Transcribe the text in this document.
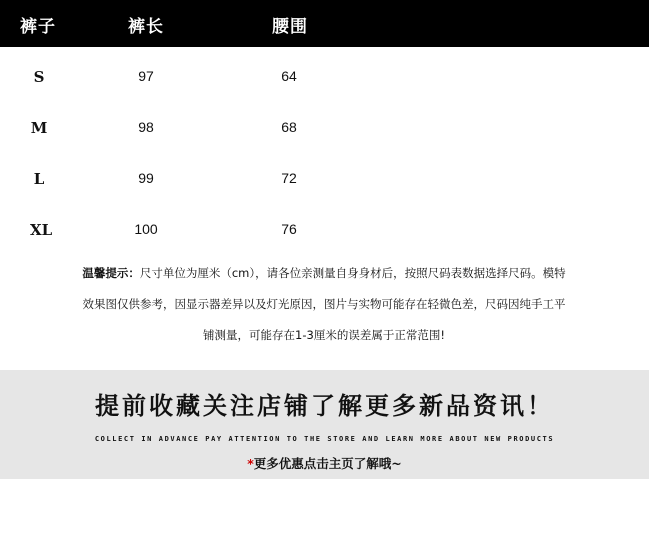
裤子	裤长	腰围
S	97	64
M	98	68
L	99	72
XL	100	76
温馨提示：尺寸单位为厘米（cm），请各位亲测量自身身材后，按照尺码表数据选择尺码。模特
效果图仅供参考，因显示器差异以及灯光原因，图片与实物可能存在轻微色差，尺码因纯手工平
铺测量，可能存在1-3厘米的误差属于正常范围!
提前收藏关注店铺了解更多新品资讯！
COLLECT IN ADVANCE PAY ATTENTION TO THE STORE AND LEARN MORE ABOUT NEW PRODUCTS
*更多优惠点击主页了解哦~
